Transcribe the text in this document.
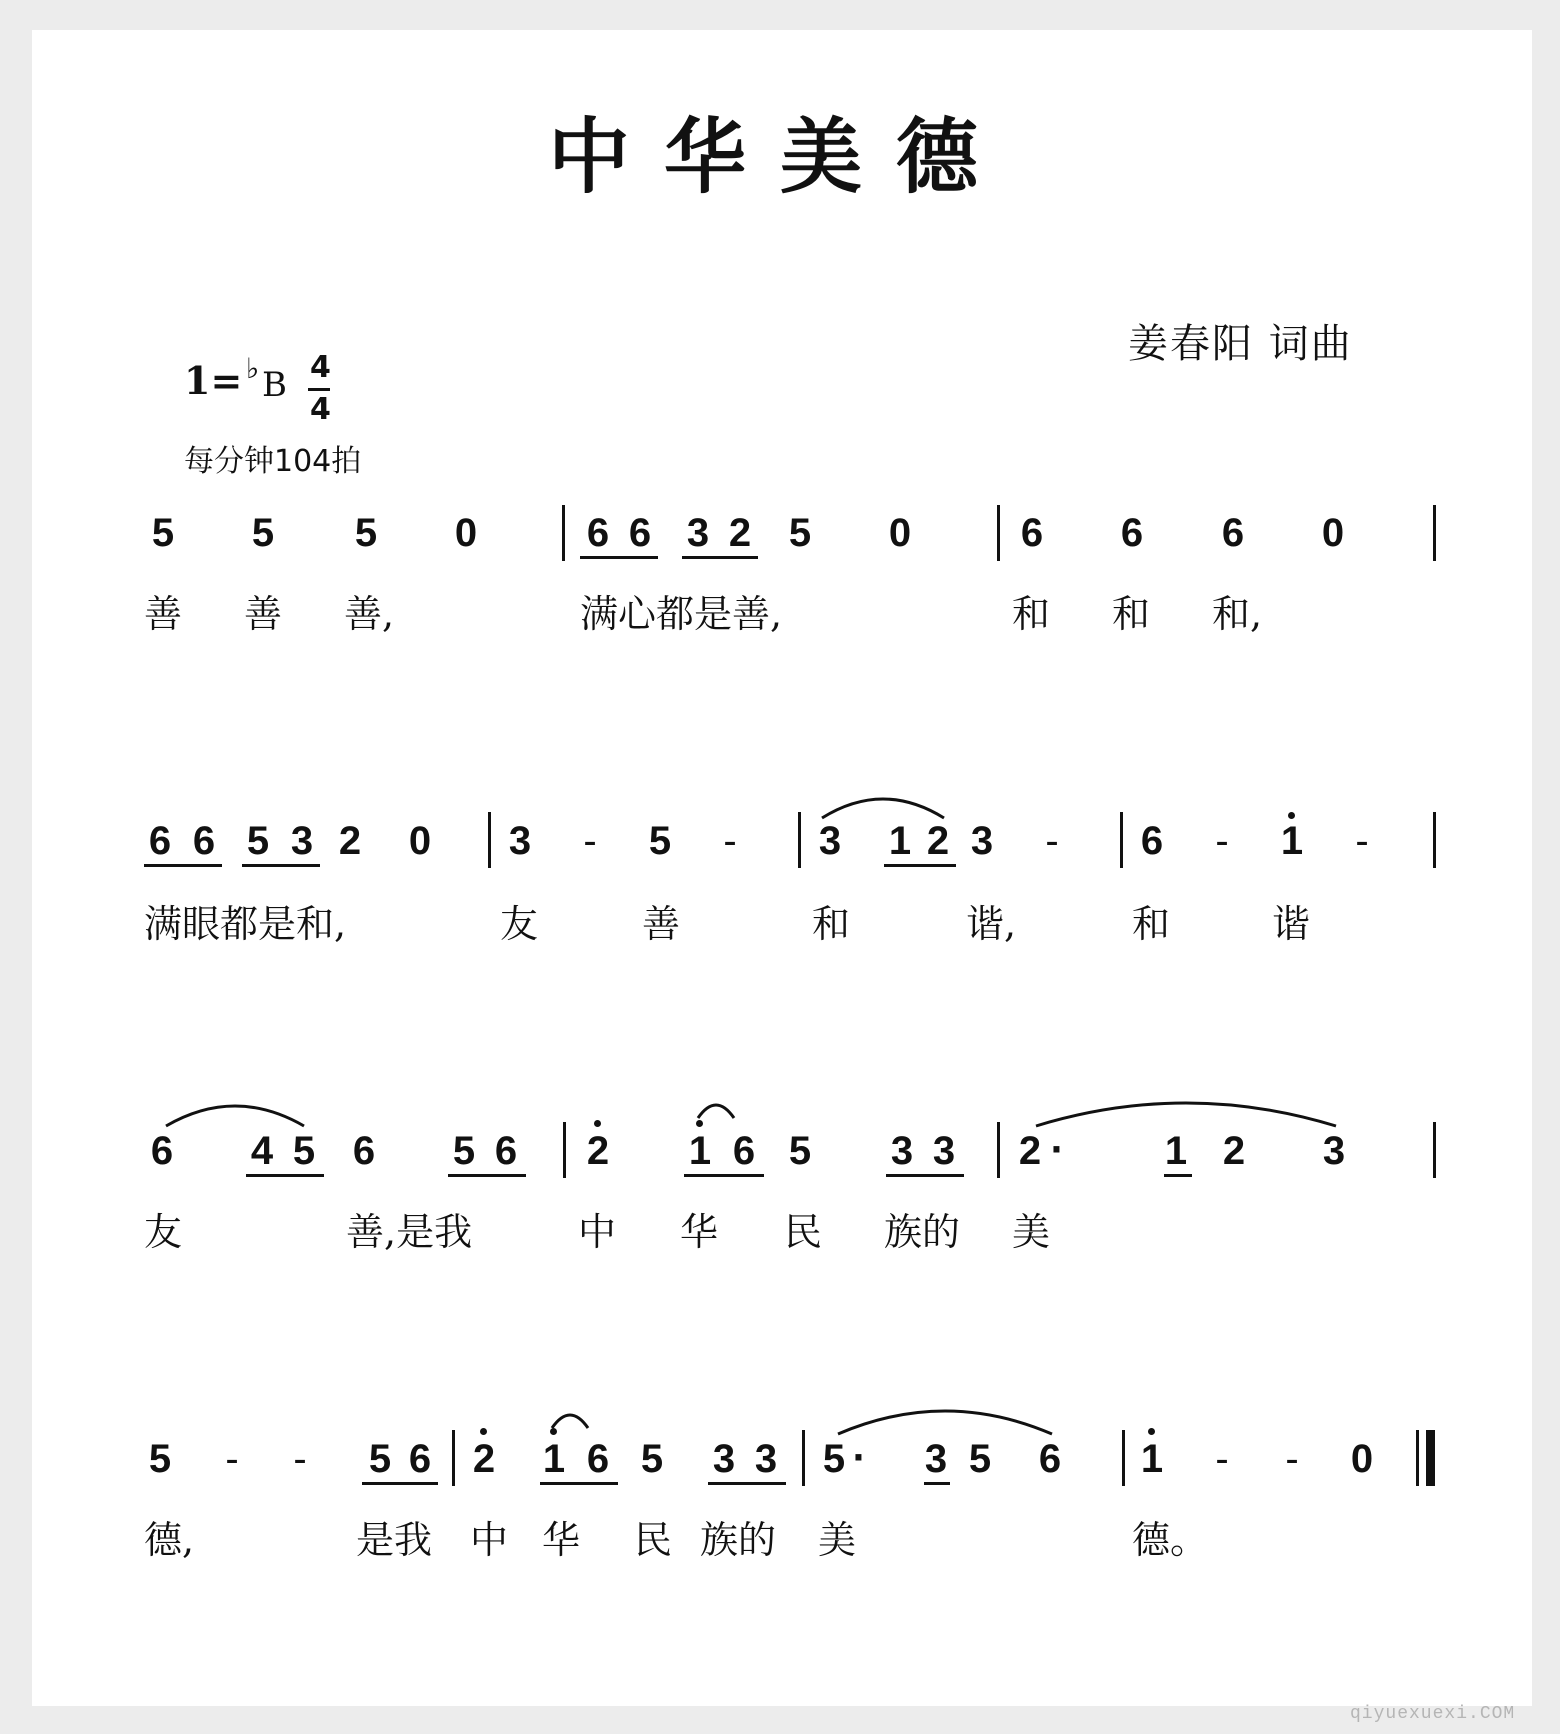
中华美德
姜春阳 词曲
1= ♭ B 4
4
每分钟104拍
5 5 5 0	6 6 3 2 5 0	6 6 6 0
善 善 善,	满心都是善,	和 和 和,
6 6 5 3 2 0 3	-	5	-	3 1 2 3	-	6	-	1	-
满眼都是和,	友	善	和	谐,	和	谐
6 4 5 6 5 6 2 1 6 5 3 3 2 ·	1 2 3
友	善,是我	中 华 民 族的 美
5	-	-	5 6 2 1 6 5 3 3 5 · 3 5 6 1	-	-	0
德,	是我 中 华 民 族的 美	德。
qiyuexuexi.COM
